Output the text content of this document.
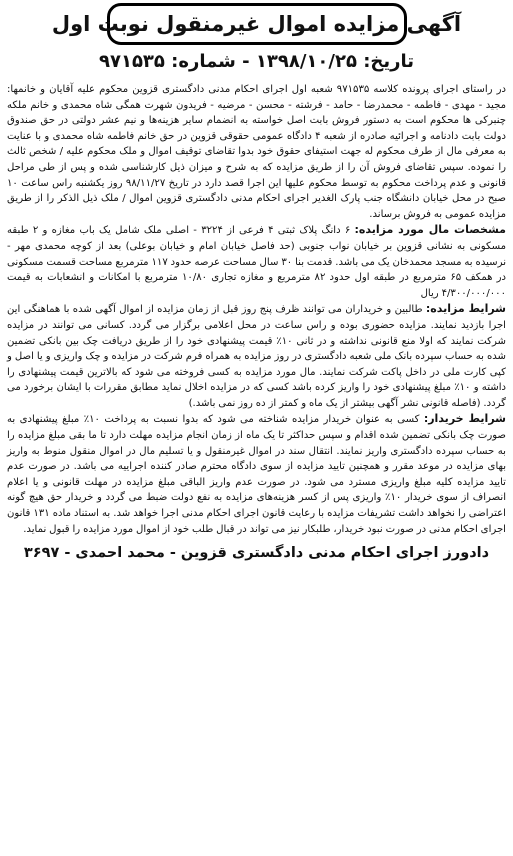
آگهی مزایده اموال غیرمنقول نوبت اول
تاریخ: ۱۳۹۸/۱۰/۲۵ - شماره: ۹۷۱۵۳۵

در راستای اجرای پرونده کلاسه ۹۷۱۵۳۵ شعبه اول اجرای احکام مدنی دادگستری قزوین محکوم علیه آقایان و خانمها: مجید - مهدی - فاطمه - محمدرضا - حامد - فرشته - محسن - مرضیه - فریدون شهرت همگی شاه محمدی و خانم ملکه چنبرکی ها محکوم است به دستور فروش بابت اصل خواسته به انضمام سایر هزینه‌ها و نیم عشر دولتی در حق صندوق دولت بابت دادنامه و اجرائیه صادره از شعبه ۴ دادگاه عمومی حقوقی قزوین در حق خانم فاطمه شاه محمدی و با عنایت به معرفی مال از طرف محکوم له جهت استیفای حقوق خود بدوا تقاضای توقیف اموال و ملک محکوم علیه / شخص ثالث را نموده. سپس تقاضای فروش آن را از طریق مزایده که به شرح و میزان ذیل کارشناسی شده و پس از طی مراحل قانونی و عدم پرداخت محکوم به توسط محکوم علیها این اجرا قصد دارد در تاریخ ۹۸/۱۱/۲۷ روز یکشنبه راس ساعت ۱۰ صبح در محل خیابان دانشگاه جنب پارک الغدیر اجرای احکام مدنی دادگستری قزوین اموال / ملک ذیل الذکر را از طریق مزایده عمومی به فروش برساند.

مشخصات مال مورد مزایده: ۶ دانگ پلاک ثبتی ۴ فرعی از ۳۲۲۴ - اصلی ملک شامل یک باب مغازه و ۲ طبقه مسکونی به نشانی قزوین بر خیابان نواب جنوبی (حد فاصل خیابان امام و خیابان بوعلی) بعد از کوچه محمدی مهر - نرسیده به مسجد محمدخان یک می باشد. قدمت بنا ۳۰ سال مساحت عرصه حدود ۱۱۷ مترمربع مساحت قسمت مسکونی در همکف ۶۵ مترمربع در طبقه اول حدود ۸۲ مترمربع و مغازه تجاری ۱۰/۸۰ مترمربع با امکانات و انشعابات به قیمت ۴/۳۰۰/۰۰۰/۰۰۰ ریال

شرایط مزایده: طالبین و خریداران می توانند ظرف پنج روز قبل از زمان مزایده از اموال آگهی شده با هماهنگی این اجرا بازدید نمایند. مزایده حضوری بوده و راس ساعت در محل اعلامی برگزار می گردد. کسانی می توانند در مزایده شرکت نمایند که اولا منع قانونی نداشته و در ثانی ۱۰٪ قیمت پیشنهادی خود را از طریق دریافت چک بین بانکی تضمین شده به حساب سپرده بانک ملی شعبه دادگستری در روز مزایده به همراه فرم شرکت در مزایده و چک واریزی و یا اصل و کپی کارت ملی در داخل پاکت شرکت نمایند. مال مورد مزایده به کسی فروخته می شود که بالاترین قیمت پیشنهادی را داشته و ۱۰٪ مبلغ پیشنهادی خود را واریز کرده باشد کسی که در مزایده اخلال نماید مطابق مقررات با ایشان برخورد می گردد. (فاصله قانونی نشر آگهی بیشتر از یک ماه و کمتر از ده روز نمی باشد.)

شرایط خریدار: کسی به عنوان خریدار مزایده شناخته می شود که بدوا نسبت به پرداخت ۱۰٪ مبلغ پیشنهادی به صورت چک بانکی تضمین شده اقدام و سپس حداکثر تا یک ماه از زمان انجام مزایده مهلت دارد تا ما بقی مبلغ مزایده را به حساب سپرده دادگستری واریز نمایند. انتقال سند در اموال غیرمنقول و یا تسلیم مال در اموال منقول منوط به واریز بهای مزایده در موعد مقرر و همچنین تایید مزایده از سوی دادگاه محترم صادر کننده اجراییه می باشد. در صورت عدم تایید مزایده کلیه مبلغ واریزی مسترد می شود. در صورت عدم واریز الباقی مبلغ مزایده در مهلت قانونی و یا اعلام انصراف از سوی خریدار ۱۰٪ واریزی پس از کسر هزینه‌های مزایده به نفع دولت ضبط می گردد و خریدار حق هیچ گونه اعتراضی را نخواهد داشت تشریفات مزایده با رعایت قانون اجرای احکام مدنی اجرا خواهد شد. به استناد ماده ۱۳۱ قانون اجرای احکام مدنی در صورت نبود خریدار، طلبکار نیز می تواند در قبال طلب خود از اموال مورد مزایده را قبول نماید.

دادورز اجرای احکام مدنی دادگستری قزوین - محمد احمدی - ۳۶۹۷
